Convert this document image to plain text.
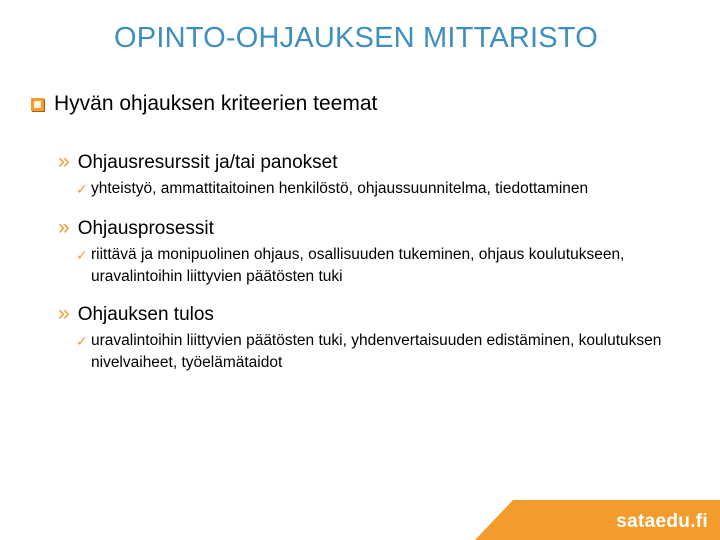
OPINTO-OHJAUKSEN MITTARISTO
Hyvän ohjauksen kriteerien teemat
» Ohjausresurssit ja/tai panokset
✓ yhteistyö, ammattitaitoinen henkilöstö, ohjaussuunnitelma, tiedottaminen
» Ohjausprosessit
✓ riittävä ja monipuolinen ohjaus, osallisuuden tukeminen, ohjaus koulutukseen, uravalintoihin liittyvien päätösten tuki
» Ohjauksen tulos
✓ uravalintoihin liittyvien päätösten tuki, yhdenvertaisuuden edistäminen, koulutuksen nivelvaiheet, työelämätaidot
sataedu.fi
